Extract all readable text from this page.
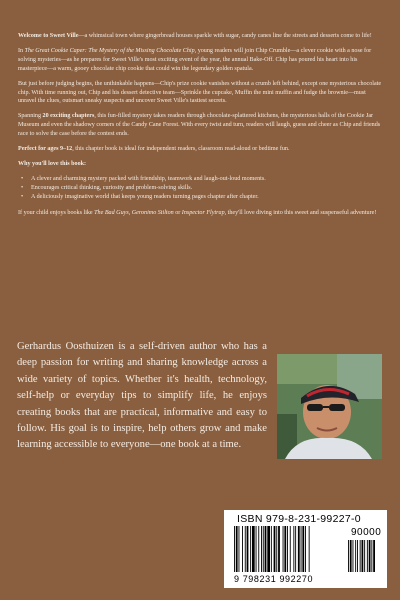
Welcome to Sweet Ville—a whimsical town where gingerbread houses sparkle with sugar, candy canes line the streets and desserts come to life!

In The Great Cookie Caper: The Mystery of the Missing Chocolate Chip, young readers will join Chip Crumble—a clever cookie with a nose for solving mysteries—as he prepares for Sweet Ville's most exciting event of the year, the annual Bake-Off. Chip has poured his heart into his masterpiece—a warm, gooey chocolate chip cookie that could win the legendary golden spatula.

But just before judging begins, the unthinkable happens—Chip's prize cookie vanishes without a crumb left behind, except one mysterious chocolate chip. With time running out, Chip and his dessert detective team—Sprinkle the cupcake, Muffin the mini muffin and fudge the brownie—must unravel the clues, outsmart sneaky suspects and uncover Sweet Ville's tastiest secrets.

Spanning 20 exciting chapters, this fun-filled mystery takes readers through chocolate-splattered kitchens, the mysterious halls of the Cookie Jar Museum and even the shadowy corners of the Candy Cane Forest. With every twist and turn, readers will laugh, guess and cheer as Chip and friends race to solve the case before the contest ends.

Perfect for ages 9–12, this chapter book is ideal for independent readers, classroom read-aloud or bedtime fun.

Why you'll love this book:

• A clever and charming mystery packed with friendship, teamwork and laugh-out-loud moments.
• Encourages critical thinking, curiosity and problem-solving skills.
• A deliciously imaginative world that keeps young readers turning pages chapter after chapter.

If your child enjoys books like The Bad Guys, Geronimo Stilton or Inspector Flytrap, they'll love diving into this sweet and suspenseful adventure!

Gerhardus Oosthuizen is a self-driven author who has a deep passion for writing and sharing knowledge across a wide variety of topics. Whether it's health, technology, self-help or everyday tips to simplify life, he enjoys creating books that are practical, informative and easy to follow. His goal is to inspire, help others grow and make learning accessible to everyone—one book at a time.
ISBN 979-8-231-99227-0
90000
9 798231 992270
